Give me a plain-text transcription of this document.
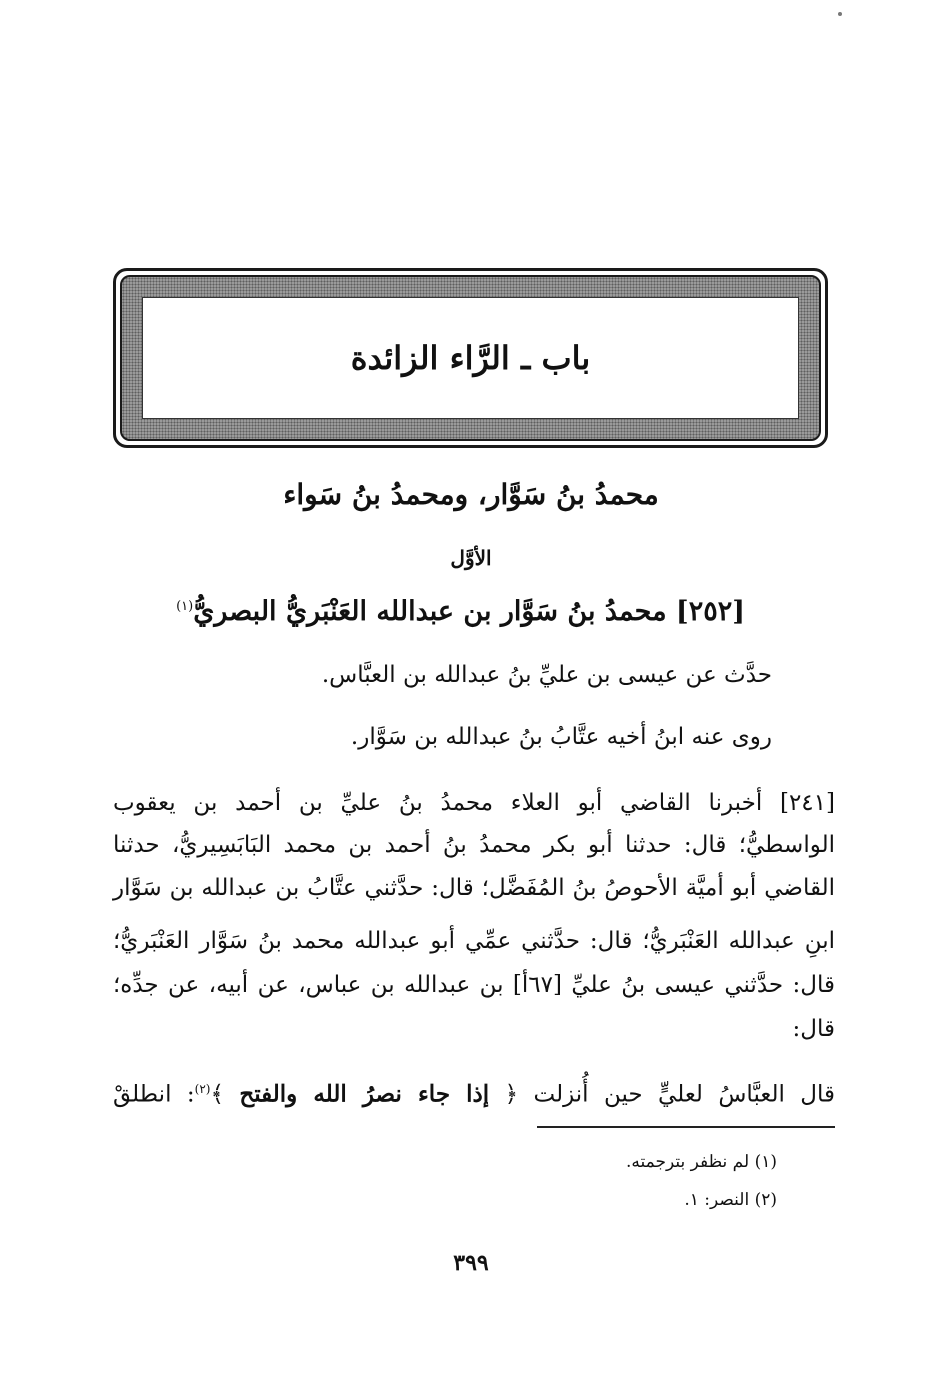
باب ـ الرَّاء الزائدة
محمدُ بنُ سَوَّار، ومحمدُ بنُ سَواء
الأوَّل
[٢٥٢] محمدُ بنُ سَوَّار بن عبدالله العَنْبَريُّ البصريُّ$^{(١)}$
حدَّث عن عيسى بن عليِّ بنُ عبدالله بن العبَّاس.
روى عنه ابنُ أخيه عتَّابُ بنُ عبدالله بن سَوَّار.
[٢٤١] أخبرنا القاضي أبو العلاء محمدُ بنُ عليِّ بن أحمد بن يعقوب
الواسطيُّ؛ قال: حدثنا أبو بكر محمدُ بنُ أحمد بن محمد البَابَسِيريُّ، حدثنا
القاضي أبو أميَّة الأحوصُ بنُ المُفَضَّل؛ قال: حدَّثني عتَّابُ بن عبدالله بن سَوَّار
ابنِ عبدالله العَنْبَريُّ؛ قال: حدَّثني عمِّي أبو عبدالله محمد بنُ سَوَّار العَنْبَريُّ؛
قال: حدَّثني عيسى بنُ عليِّ [٦٧أ] بن عبدالله بن عباس، عن أبيه، عن جدِّه؛
قال:
قال العبَّاسُ لعليٍّ حين أُنزلت ﴿ إذا جاء نصرُ الله والفتح ﴾$^{(٢)}$: انطلقْ
(١) لم نظفر بترجمته.
(٢) النصر: ١.
٣٩٩
